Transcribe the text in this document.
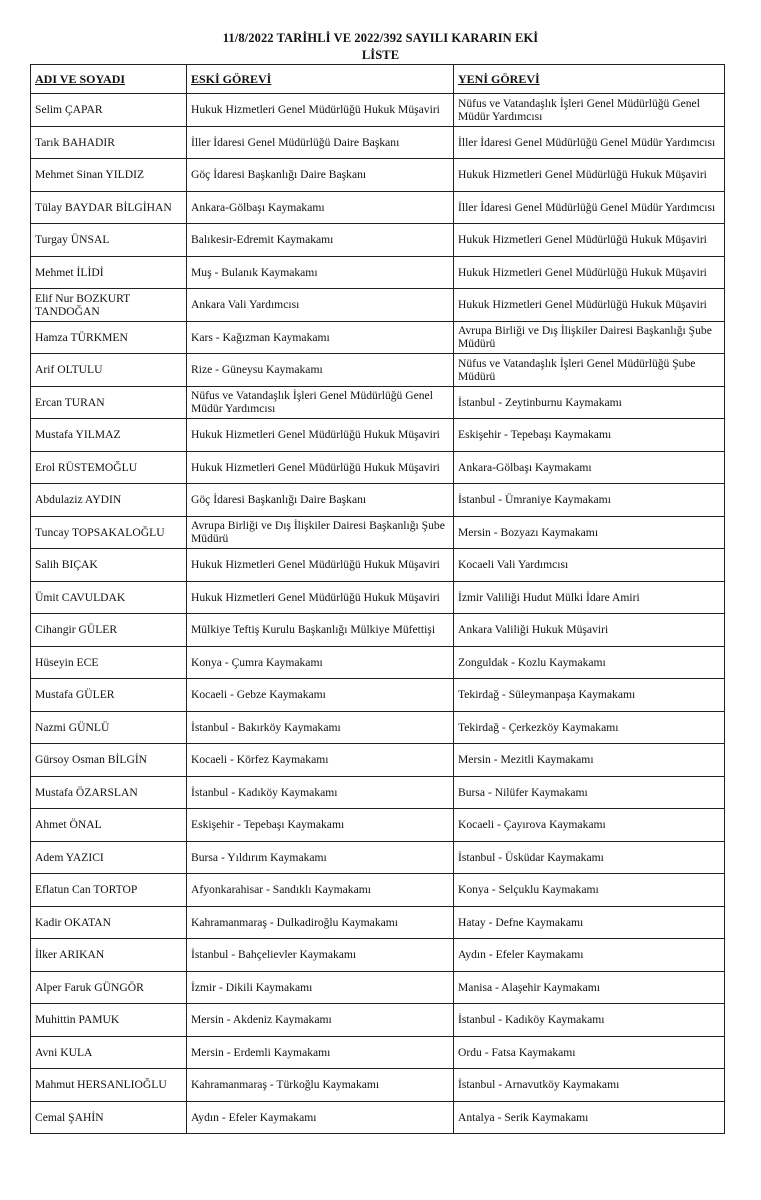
11/8/2022 TARİHLİ VE 2022/392 SAYILI KARARIN EKİ
LİSTE
ADI VE SOYADI	ESKİ GÖREVİ	YENİ GÖREVİ
Selim ÇAPAR	Hukuk Hizmetleri Genel Müdürlüğü Hukuk Müşaviri	Nüfus ve Vatandaşlık İşleri Genel Müdürlüğü Genel Müdür Yardımcısı
Tarık BAHADIR	İller İdaresi Genel Müdürlüğü Daire Başkanı	İller İdaresi Genel Müdürlüğü Genel Müdür Yardımcısı
Mehmet Sinan YILDIZ	Göç İdaresi Başkanlığı Daire Başkanı	Hukuk Hizmetleri Genel Müdürlüğü Hukuk Müşaviri
Tülay BAYDAR BİLGİHAN	Ankara-Gölbaşı Kaymakamı	İller İdaresi Genel Müdürlüğü Genel Müdür Yardımcısı
Turgay ÜNSAL	Balıkesir-Edremit Kaymakamı	Hukuk Hizmetleri Genel Müdürlüğü Hukuk Müşaviri
Mehmet İLİDİ	Muş - Bulanık Kaymakamı	Hukuk Hizmetleri Genel Müdürlüğü Hukuk Müşaviri
Elif Nur BOZKURT TANDOĞAN	Ankara Vali Yardımcısı	Hukuk Hizmetleri Genel Müdürlüğü Hukuk Müşaviri
Hamza TÜRKMEN	Kars - Kağızman Kaymakamı	Avrupa Birliği ve Dış İlişkiler Dairesi Başkanlığı Şube Müdürü
Arif OLTULU	Rize - Güneysu Kaymakamı	Nüfus ve Vatandaşlık İşleri Genel Müdürlüğü Şube Müdürü
Ercan TURAN	Nüfus ve Vatandaşlık İşleri Genel Müdürlüğü Genel Müdür Yardımcısı	İstanbul - Zeytinburnu Kaymakamı
Mustafa YILMAZ	Hukuk Hizmetleri Genel Müdürlüğü Hukuk Müşaviri	Eskişehir - Tepebaşı Kaymakamı
Erol RÜSTEMOĞLU	Hukuk Hizmetleri Genel Müdürlüğü Hukuk Müşaviri	Ankara-Gölbaşı Kaymakamı
Abdulaziz AYDIN	Göç İdaresi Başkanlığı Daire Başkanı	İstanbul - Ümraniye Kaymakamı
Tuncay TOPSAKALOĞLU	Avrupa Birliği ve Dış İlişkiler Dairesi Başkanlığı Şube Müdürü	Mersin - Bozyazı Kaymakamı
Salih BIÇAK	Hukuk Hizmetleri Genel Müdürlüğü Hukuk Müşaviri	Kocaeli Vali Yardımcısı
Ümit CAVULDAK	Hukuk Hizmetleri Genel Müdürlüğü Hukuk Müşaviri	İzmir Valiliği Hudut Mülki İdare Amiri
Cihangir GÜLER	Mülkiye Teftiş Kurulu Başkanlığı Mülkiye Müfettişi	Ankara Valiliği Hukuk Müşaviri
Hüseyin ECE	Konya - Çumra Kaymakamı	Zonguldak - Kozlu Kaymakamı
Mustafa GÜLER	Kocaeli - Gebze Kaymakamı	Tekirdağ - Süleymanpaşa Kaymakamı
Nazmi GÜNLÜ	İstanbul - Bakırköy Kaymakamı	Tekirdağ - Çerkezköy Kaymakamı
Gürsoy Osman BİLGİN	Kocaeli - Körfez Kaymakamı	Mersin - Mezitli Kaymakamı
Mustafa ÖZARSLAN	İstanbul - Kadıköy Kaymakamı	Bursa - Nilüfer Kaymakamı
Ahmet ÖNAL	Eskişehir - Tepebaşı Kaymakamı	Kocaeli - Çayırova Kaymakamı
Adem YAZICI	Bursa - Yıldırım Kaymakamı	İstanbul - Üsküdar Kaymakamı
Eflatun Can TORTOP	Afyonkarahisar - Sandıklı Kaymakamı	Konya - Selçuklu Kaymakamı
Kadir OKATAN	Kahramanmaraş - Dulkadiroğlu Kaymakamı	Hatay - Defne Kaymakamı
İlker ARIKAN	İstanbul - Bahçelievler Kaymakamı	Aydın - Efeler Kaymakamı
Alper Faruk GÜNGÖR	İzmir - Dikili Kaymakamı	Manisa - Alaşehir Kaymakamı
Muhittin PAMUK	Mersin - Akdeniz Kaymakamı	İstanbul - Kadıköy Kaymakamı
Avni KULA	Mersin - Erdemli Kaymakamı	Ordu - Fatsa Kaymakamı
Mahmut HERSANLIOĞLU	Kahramanmaraş - Türkoğlu Kaymakamı	İstanbul - Arnavutköy Kaymakamı
Cemal ŞAHİN	Aydın - Efeler Kaymakamı	Antalya - Serik Kaymakamı
